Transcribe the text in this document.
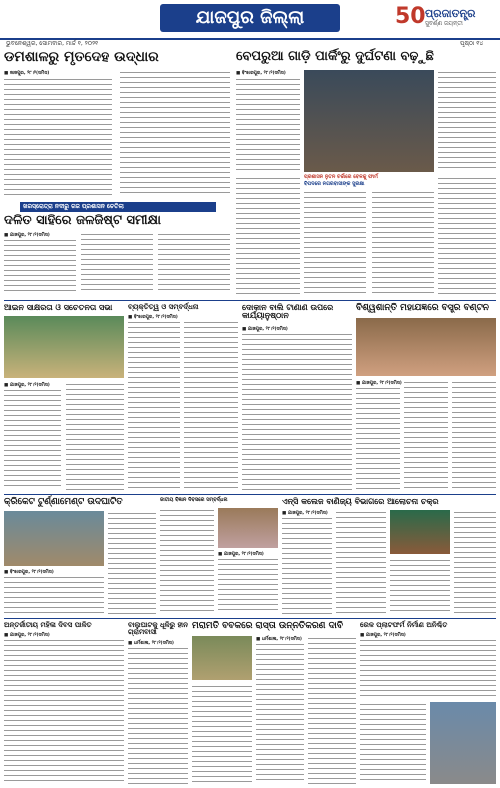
ଯାଜପୁର ଜିଲ୍ଲା	50 ପ୍ରଜାତନ୍ତ୍ର
ସୁବର୍ଣ୍ଣ ଜୟନ୍ତୀ
ଭୁବନେଶ୍ୱର, ସୋମବାର, ମାର୍ଚ୍ଚ ୧, ୨୦୨୧	ପୃଷ୍ଠା ୧୪
ଡମଶାଳରୁ ମୃତଦେହ ଉଦ୍ଧାର
■ ଜାଜପୁର, ୨୮।୨(ସମିସ)
ଖରସ୍ରୋତ୍ରା ନଦୀରୁ ଗଜ ପ୍ରଶାସନ ଚେତିଲା
ଦଳିତ ସାହିରେ ଜଳଜିଷ୍ଟ ସମୀକ୍ଷା
■ ଯାଜପୁର, ୨୮।୨(ସମିସ)
ବେପରୁଆ ଗାଡ଼ି ପାର୍କିଂରୁ ଦୁର୍ଘଟଣା ବଢ଼ୁଛି
■ ବିଂଝାରପୁର, ୨୮।୨(ସମିସ)
ପ୍ରଶାସନ ନୁତନ ଚର୍ଚ୍ଚାରେ ବେଳକୁ ଫାର୍ମ
ବିପଦରେ ନଗରବାସୀଙ୍କ ସୁରକ୍ଷା
ଆଇନ ସାକ୍ଷରତା ଓ ସଚେତନତା ସଭା
■ ଯାଜପୁର, ୨୮।୨(ସମିସ)
ବ୍ୟକ୍ତିତ୍ୱ ଓ ସମ୍ବର୍ଦ୍ଧନା
■ ବିଂଝାରପୁର, ୨୮।୨(ସମିସ)
ଦୋକାନ ବାଲି ଟାଣାଣ ଉପରେ କାର୍ଯ୍ୟାନୁଷ୍ଠାନ
■ ଯାଜପୁର, ୨୮।୨(ସମିସ)
ବିଶ୍ୱଶାନ୍ତି ମହାଯଜ୍ଞରେ ବସ୍ତ୍ର ବଣ୍ଟନ
■ ଯାଜପୁର, ୨୮।୨(ସମିସ)
କ୍ରିକେଟ ଟୁର୍ଣ୍ଣାମେଣ୍ଟ ଉଦଘାଟିତ
■ ବିଂଝାରପୁର, ୨୮।୨(ସମିସ)
ଜାତୀୟ ବିଜ୍ଞାନ ଦିବସରେ ସମ୍ବର୍ଦ୍ଧନା
■ ଯାଜପୁର, ୨୮।୨(ସମିସ)
ଏନ୍‌ସି କଲେଜ ବାଣିଜ୍ୟ ବିଭାଗରେ ଆଲୋଚନା ଚକ୍ର
■ ଯାଜପୁର, ୨୮।୨(ସମିସ)
ଅନ୍ତର୍ଜାତୀୟ ମହିଳା ଦିବସ ପାଳିତ
■ ଯାଜପୁର, ୨୮।୨(ସମିସ)
ବାଲୁଘାଟକୁ ଧୂଳିରୁ ହୀନ ଗ୍ରାମବାସୀ
■ ଧର୍ମଶାଳା, ୨୮।୨(ସମିସ)
ମରାମତି ବବକରେ ରାସ୍ତା ଉନ୍ନତିକରଣ ଦାବି
■ ଧର୍ମଶାଳା, ୨୮।୨(ସମିସ)
ରେଳ ପ୍ଲାଟଫର୍ମ ନିର୍ମାଣ ଅନିଶ୍ଚିତ
■ ଯାଜପୁର, ୨୮।୨(ସମିସ)
